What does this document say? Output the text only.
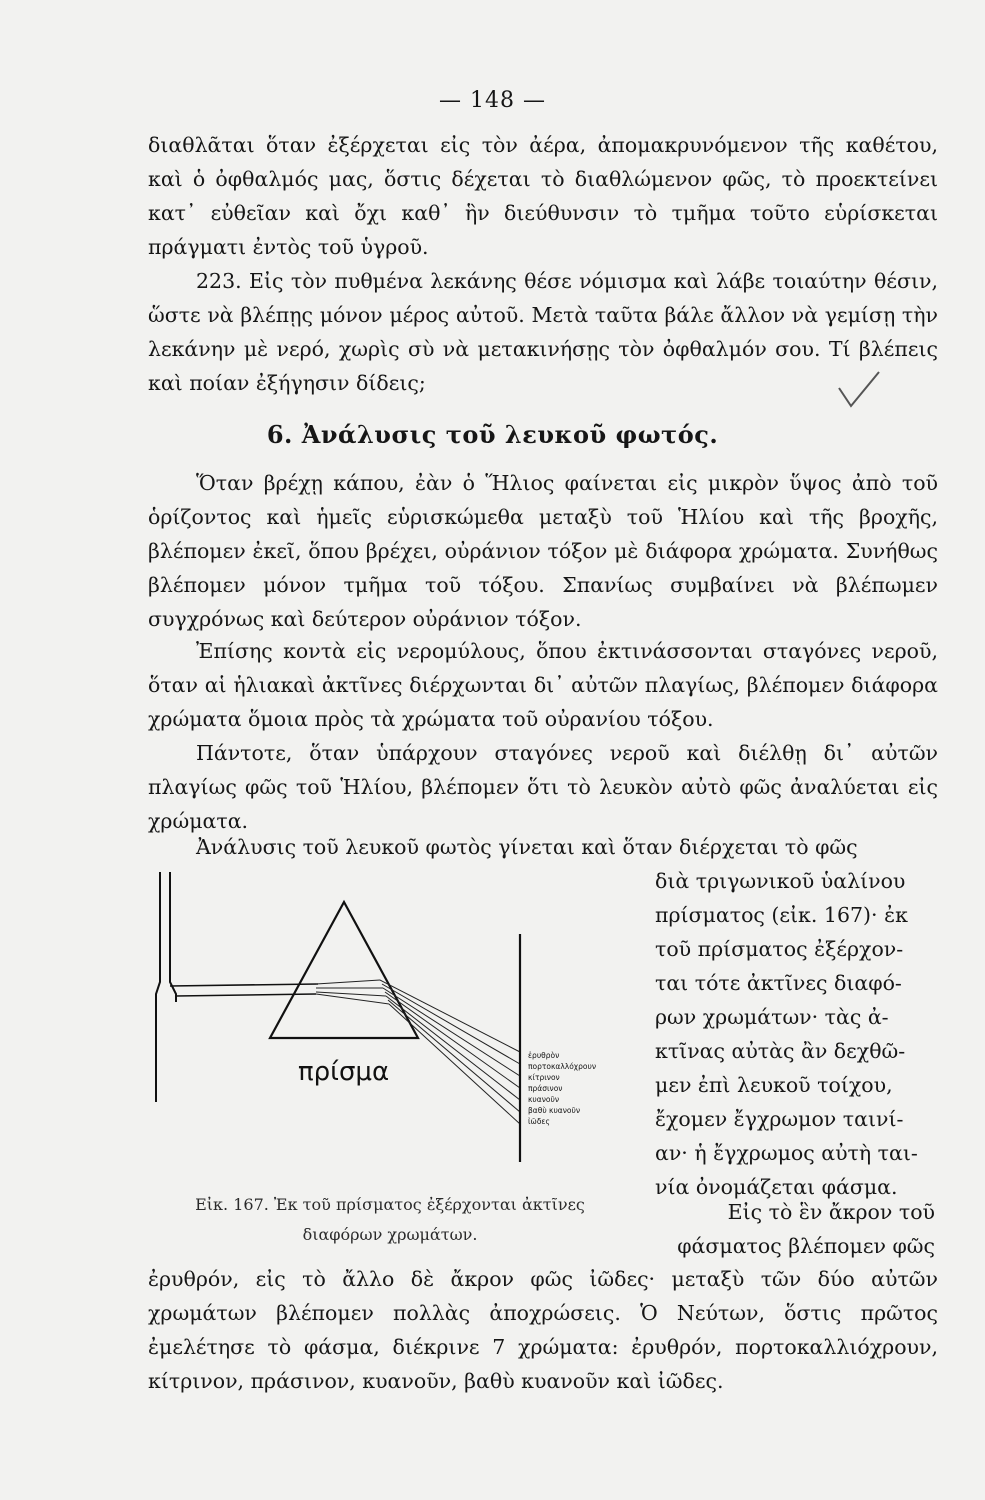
— 148 —

διαθλᾶται ὅταν ἐξέρχεται εἰς τὸν ἀέρα, ἀπομακρυνόμενον τῆς καθέτου, καὶ ὁ ὀφθαλμός μας, ὅστις δέχεται τὸ διαθλώμενον φῶς, τὸ προεκτείνει κατ᾽ εὐθεῖαν καὶ ὄχι καθ᾽ ἣν διεύθυνσιν τὸ τμῆμα τοῦτο εὑρίσκεται πράγματι ἐντὸς τοῦ ὑγροῦ.

223. Εἰς τὸν πυθμένα λεκάνης θέσε νόμισμα καὶ λάβε τοιαύτην θέσιν, ὥστε νὰ βλέπῃς μόνον μέρος αὐτοῦ. Μετὰ ταῦτα βάλε ἄλλον νὰ γεμίσῃ τὴν λεκάνην μὲ νερό, χωρὶς σὺ νὰ μετακινήσῃς τὸν ὀφθαλμόν σου. Τί βλέπεις καὶ ποίαν ἐξήγησιν δίδεις;

6. Ἀνάλυσις τοῦ λευκοῦ φωτός.

Ὅταν βρέχῃ κάπου, ἐὰν ὁ Ἥλιος φαίνεται εἰς μικρὸν ὕψος ἀπὸ τοῦ ὁρίζοντος καὶ ἡμεῖς εὑρισκώμεθα μεταξὺ τοῦ Ἡλίου καὶ τῆς βροχῆς, βλέπομεν ἐκεῖ, ὅπου βρέχει, οὐράνιον τόξον μὲ διάφορα χρώματα. Συνήθως βλέπομεν μόνον τμῆμα τοῦ τόξου. Σπανίως συμβαίνει νὰ βλέπωμεν συγχρόνως καὶ δεύτερον οὐράνιον τόξον.

Ἐπίσης κοντὰ εἰς νερομύλους, ὅπου ἐκτινάσσονται σταγόνες νεροῦ, ὅταν αἱ ἡλιακαὶ ἀκτῖνες διέρχωνται δι᾽ αὐτῶν πλαγίως, βλέπομεν διάφορα χρώματα ὅμοια πρὸς τὰ χρώματα τοῦ οὐρανίου τόξου.

Πάντοτε, ὅταν ὑπάρχουν σταγόνες νεροῦ καὶ διέλθῃ δι᾽ αὐτῶν πλαγίως φῶς τοῦ Ἡλίου, βλέπομεν ὅτι τὸ λευκὸν αὐτὸ φῶς ἀναλύεται εἰς χρώματα.

Ἀνάλυσις τοῦ λευκοῦ φωτὸς γίνεται καὶ ὅταν διέρχεται τὸ φῶς

διὰ τριγωνικοῦ ὑαλίνου
πρίσματος (εἰκ. 167)· ἐκ
τοῦ πρίσματος ἐξέρχον-
ται τότε ἀκτῖνες διαφό-
ρων χρωμάτων· τὰς ἀ-
κτῖνας αὐτὰς ἂν δεχθῶ-
μεν ἐπὶ λευκοῦ τοίχου,
ἔχομεν ἔγχρωμον ταινί-
αν· ἡ ἔγχρωμος αὐτὴ ται-
νία ὀνομάζεται φάσμα.
Εἰς τὸ ἓν ἄκρον τοῦ
φάσματος βλέπομεν φῶς
πρίσμα
ἐρυθρὸν
πορτοκαλλόχρουν
κίτρινον
πράσινον
κυανοῦν
βαθὺ κυανοῦν
ἰῶδες
Εἰκ. 167. Ἐκ τοῦ πρίσματος ἐξέρχονται ἀκτῖνες
διαφόρων χρωμάτων.

ἐρυθρόν, εἰς τὸ ἄλλο δὲ ἄκρον φῶς ἰῶδες· μεταξὺ τῶν δύο αὐτῶν χρωμάτων βλέπομεν πολλὰς ἀποχρώσεις. Ὁ Νεύτων, ὅστις πρῶτος ἐμελέτησε τὸ φάσμα, διέκρινε 7 χρώματα: ἐρυθρόν, πορτοκαλλιόχρουν, κίτρινον, πράσινον, κυανοῦν, βαθὺ κυανοῦν καὶ ἰῶδες.
